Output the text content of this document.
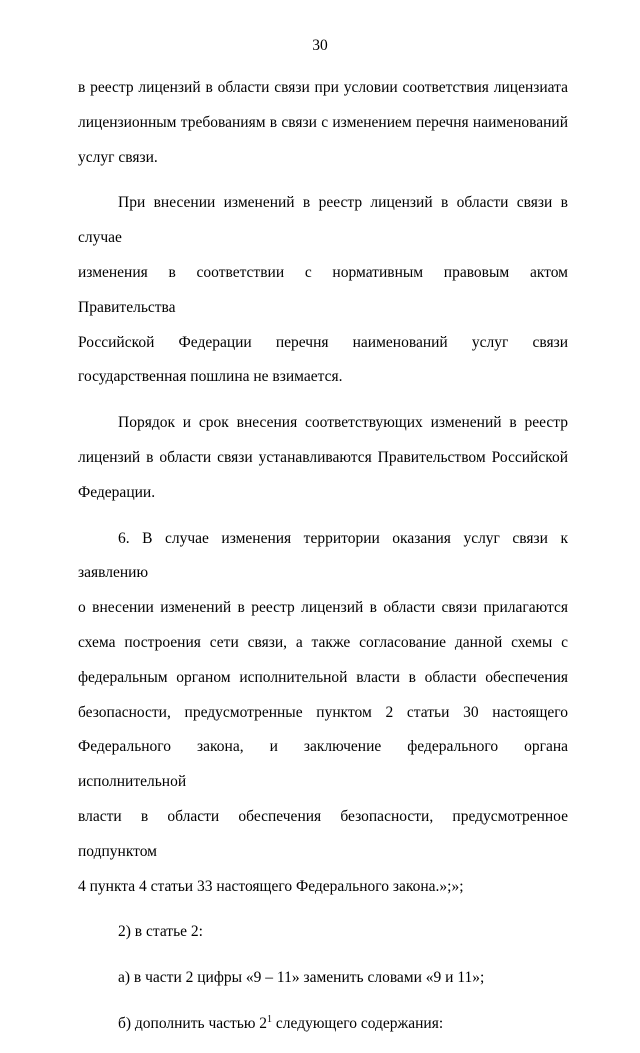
30

в реестр лицензий в области связи при условии соответствия лицензиата
лицензионным требованиям в связи с изменением перечня наименований
услуг связи.

При внесении изменений в реестр лицензий в области связи в случае
изменения в соответствии с нормативным правовым актом Правительства
Российской Федерации перечня наименований услуг связи
государственная пошлина не взимается.

Порядок и срок внесения соответствующих изменений в реестр
лицензий в области связи устанавливаются Правительством Российской
Федерации.

6. В случае изменения территории оказания услуг связи к заявлению
о внесении изменений в реестр лицензий в области связи прилагаются
схема построения сети связи, а также согласование данной схемы с
федеральным органом исполнительной власти в области обеспечения
безопасности, предусмотренные пунктом 2 статьи 30 настоящего
Федерального закона, и заключение федерального органа исполнительной
власти в области обеспечения безопасности, предусмотренное подпунктом
4 пункта 4 статьи 33 настоящего Федерального закона.»;»;

2) в статье 2:

а) в части 2 цифры «9 – 11» заменить словами «9 и 11»;

б) дополнить частью $2^1$ следующего содержания:
